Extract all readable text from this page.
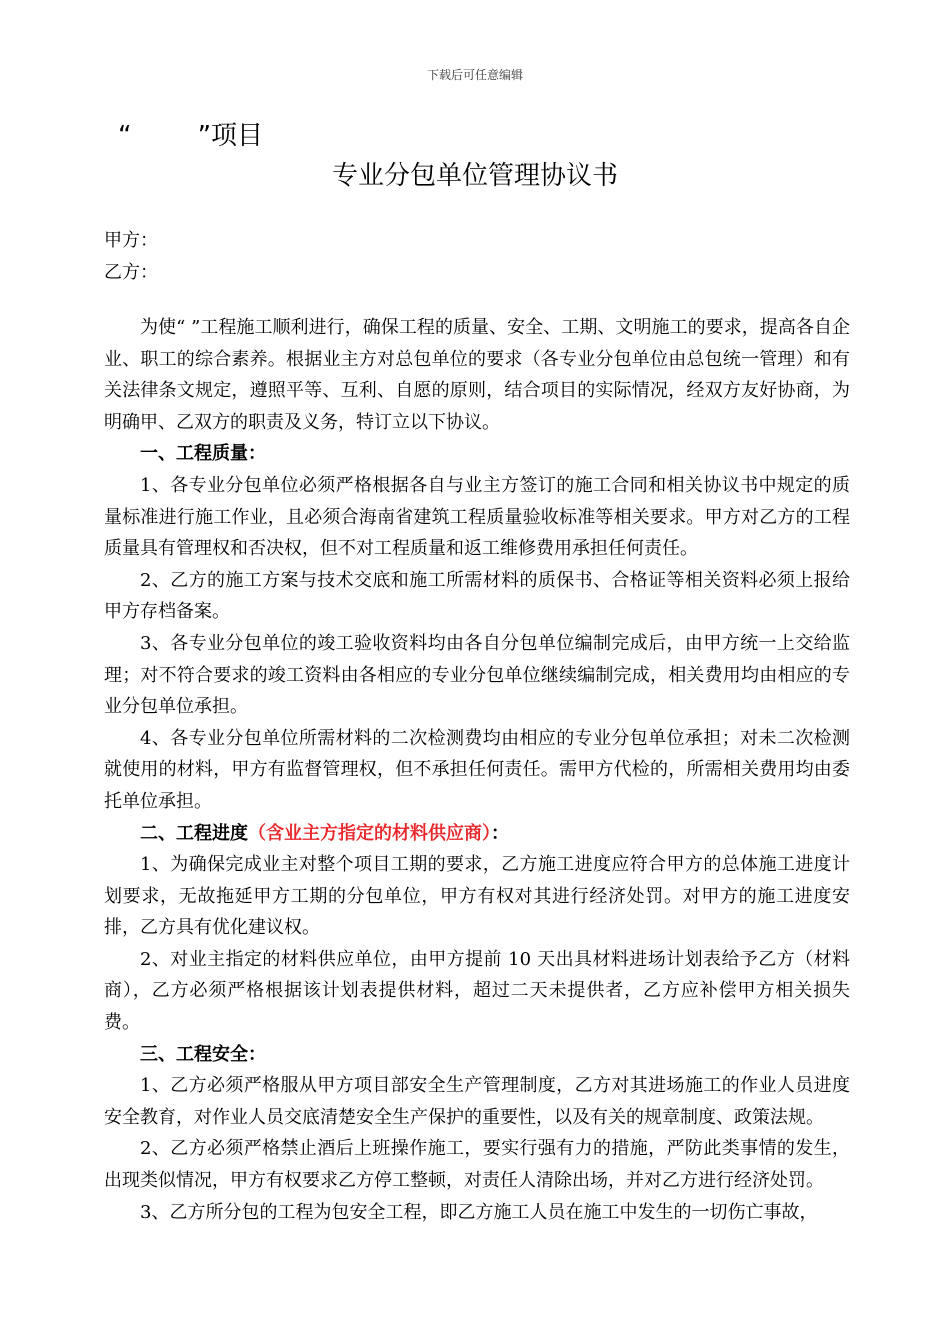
下载后可任意编辑
“        ”项目
专业分包单位管理协议书
甲方：
乙方：

为使“ ”工程施工顺利进行，确保工程的质量、安全、工期、文明施工的要求，提高各自企业、职工的综合素养。根据业主方对总包单位的要求（各专业分包单位由总包统一管理）和有关法律条文规定，遵照平等、互利、自愿的原则，结合项目的实际情况，经双方友好协商，为明确甲、乙双方的职责及义务，特订立以下协议。

一、工程质量：

1、各专业分包单位必须严格根据各自与业主方签订的施工合同和相关协议书中规定的质量标准进行施工作业，且必须合海南省建筑工程质量验收标准等相关要求。甲方对乙方的工程质量具有管理权和否决权，但不对工程质量和返工维修费用承担任何责任。

2、乙方的施工方案与技术交底和施工所需材料的质保书、合格证等相关资料必须上报给甲方存档备案。

3、各专业分包单位的竣工验收资料均由各自分包单位编制完成后，由甲方统一上交给监理；对不符合要求的竣工资料由各相应的专业分包单位继续编制完成，相关费用均由相应的专业分包单位承担。

4、各专业分包单位所需材料的二次检测费均由相应的专业分包单位承担；对未二次检测就使用的材料，甲方有监督管理权，但不承担任何责任。需甲方代检的，所需相关费用均由委托单位承担。

二、工程进度（含业主方指定的材料供应商）：

1、为确保完成业主对整个项目工期的要求，乙方施工进度应符合甲方的总体施工进度计划要求，无故拖延甲方工期的分包单位，甲方有权对其进行经济处罚。对甲方的施工进度安排，乙方具有优化建议权。

2、对业主指定的材料供应单位，由甲方提前 10 天出具材料进场计划表给予乙方（材料商），乙方必须严格根据该计划表提供材料，超过二天未提供者，乙方应补偿甲方相关损失费。

三、工程安全：

1、乙方必须严格服从甲方项目部安全生产管理制度，乙方对其进场施工的作业人员进度安全教育，对作业人员交底清楚安全生产保护的重要性，以及有关的规章制度、政策法规。

2、乙方必须严格禁止酒后上班操作施工，要实行强有力的措施，严防此类事情的发生，出现类似情况，甲方有权要求乙方停工整顿，对责任人清除出场，并对乙方进行经济处罚。

3、乙方所分包的工程为包安全工程，即乙方施工人员在施工中发生的一切伤亡事故，
